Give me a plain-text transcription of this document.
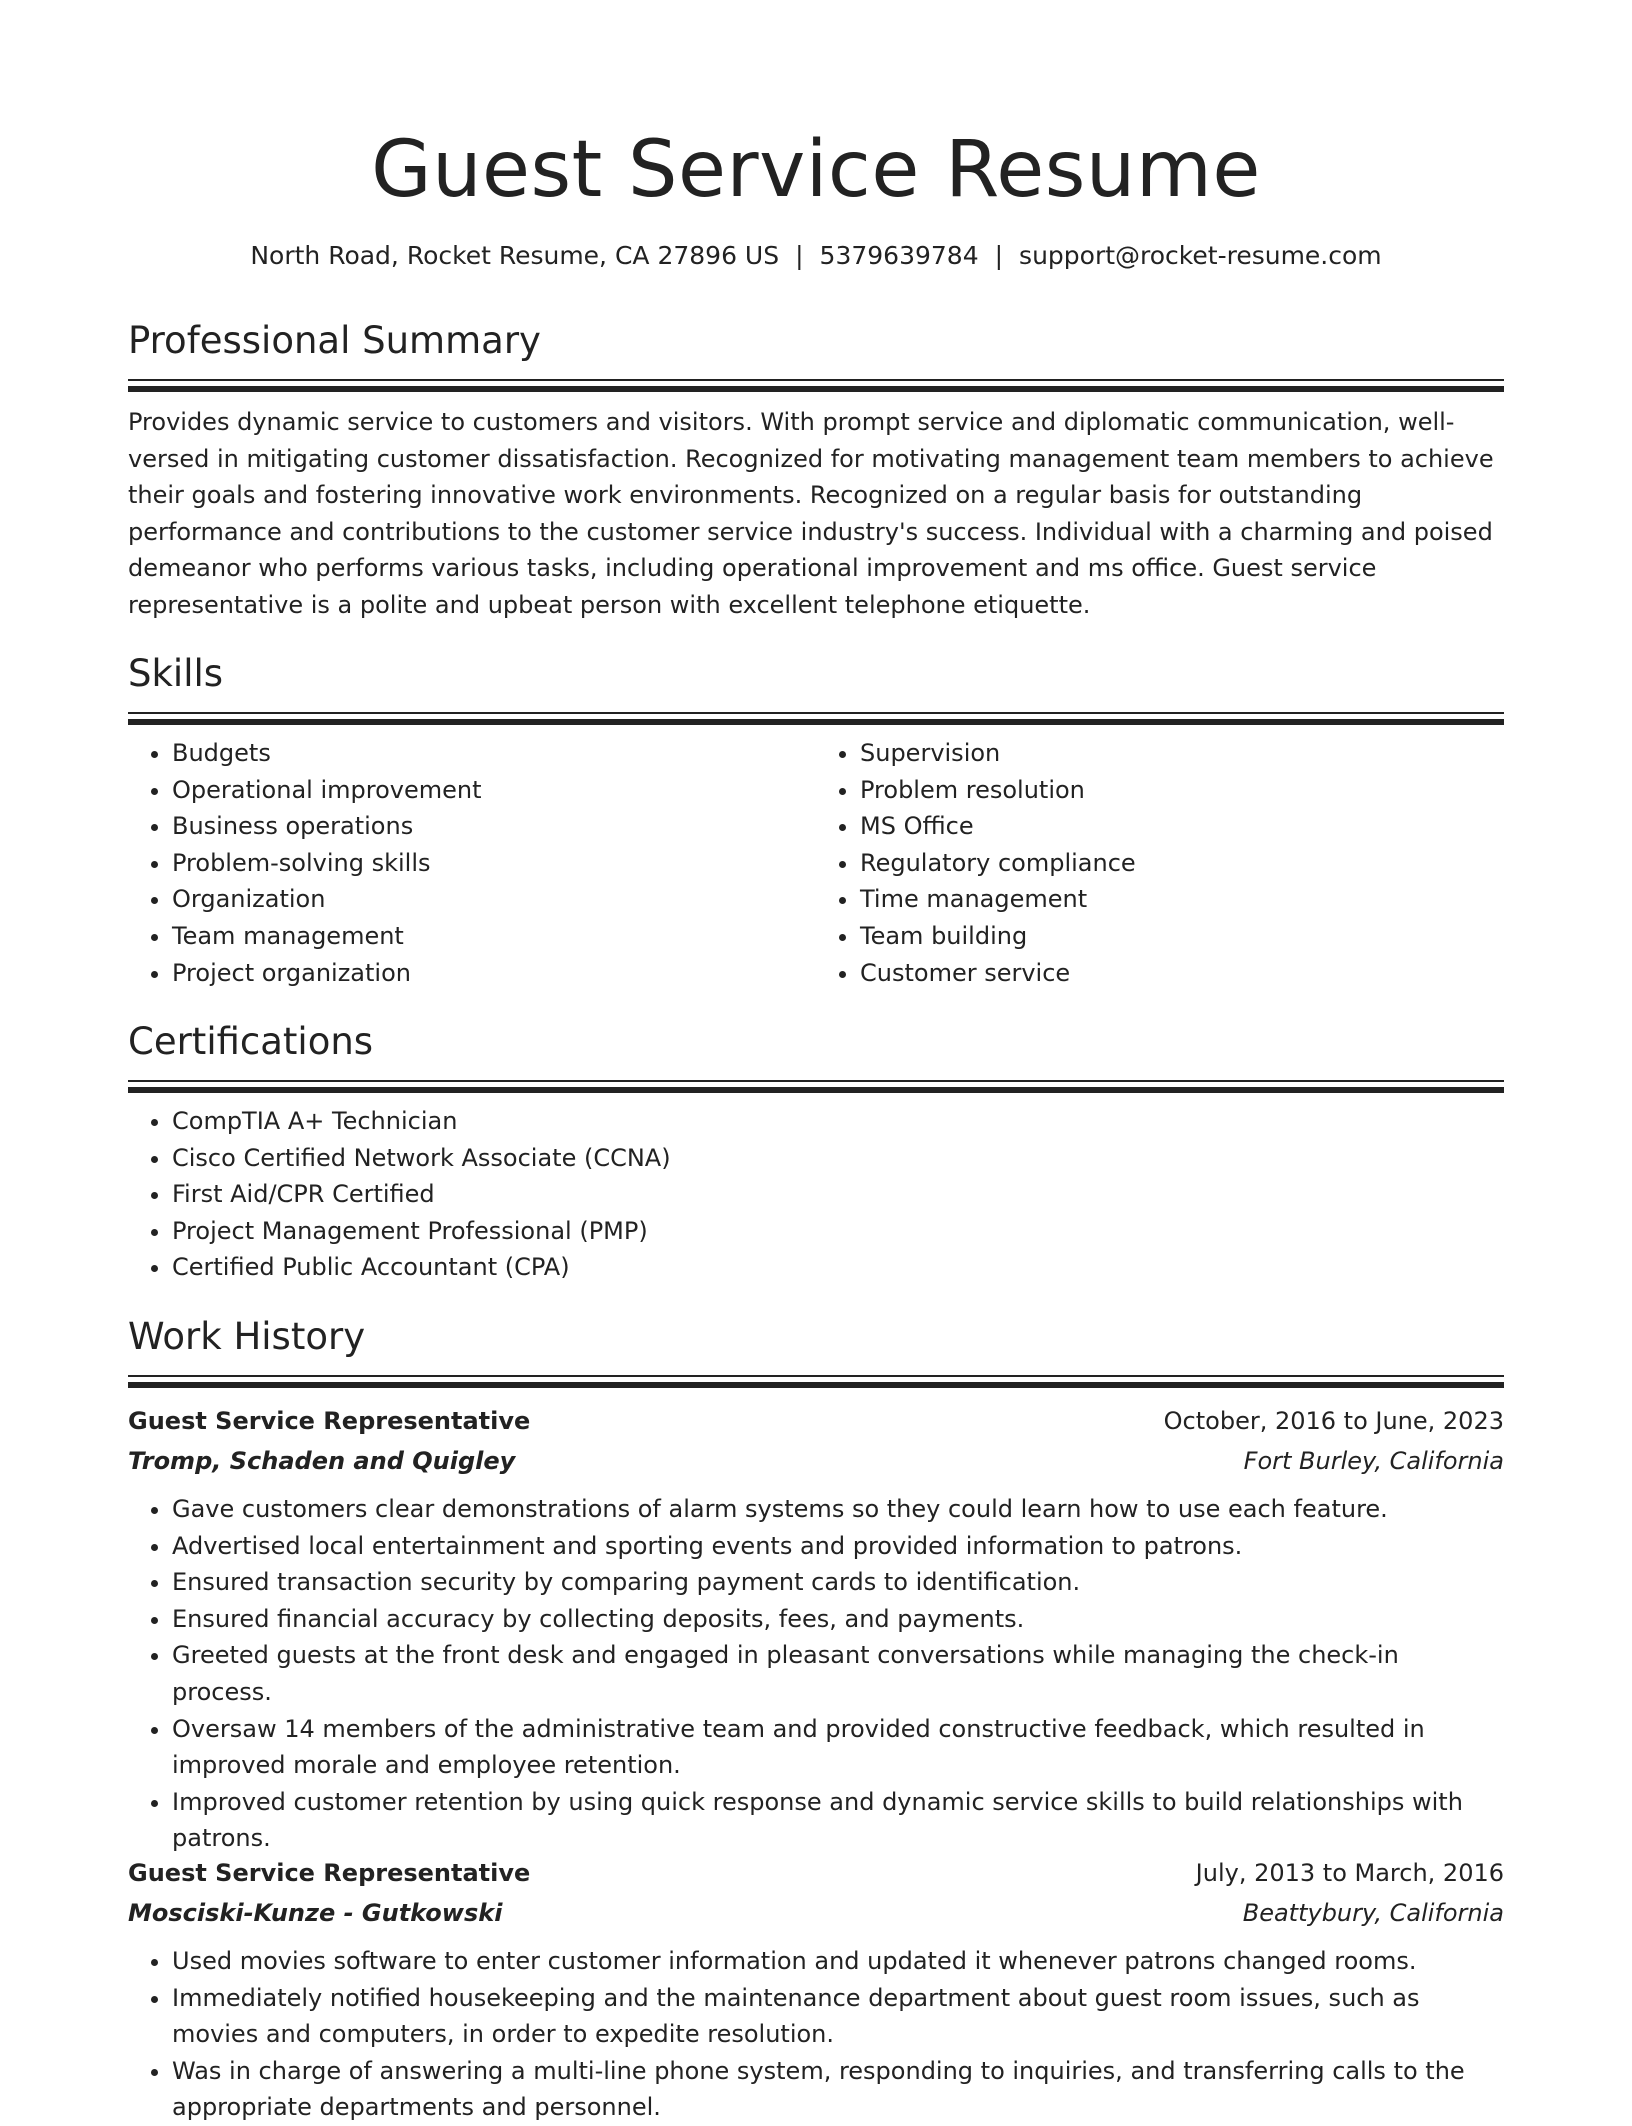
Guest Service Resume
North Road, Rocket Resume, CA 27896 US | 5379639784 | support@rocket-resume.com
Professional Summary
Provides dynamic service to customers and visitors. With prompt service and diplomatic communication, well-versed in mitigating customer dissatisfaction. Recognized for motivating management team members to achieve their goals and fostering innovative work environments. Recognized on a regular basis for outstanding performance and contributions to the customer service industry's success. Individual with a charming and poised demeanor who performs various tasks, including operational improvement and ms office. Guest service representative is a polite and upbeat person with excellent telephone etiquette.
Skills
• Budgets
• Operational improvement
• Business operations
• Problem-solving skills
• Organization
• Team management
• Project organization
• Supervision
• Problem resolution
• MS Office
• Regulatory compliance
• Time management
• Team building
• Customer service
Certifications
• CompTIA A+ Technician
• Cisco Certified Network Associate (CCNA)
• First Aid/CPR Certified
• Project Management Professional (PMP)
• Certified Public Accountant (CPA)
Work History
Guest Service Representative	October, 2016 to June, 2023
Tromp, Schaden and Quigley	Fort Burley, California
• Gave customers clear demonstrations of alarm systems so they could learn how to use each feature.
• Advertised local entertainment and sporting events and provided information to patrons.
• Ensured transaction security by comparing payment cards to identification.
• Ensured financial accuracy by collecting deposits, fees, and payments.
• Greeted guests at the front desk and engaged in pleasant conversations while managing the check-in process.
• Oversaw 14 members of the administrative team and provided constructive feedback, which resulted in improved morale and employee retention.
• Improved customer retention by using quick response and dynamic service skills to build relationships with patrons.
Guest Service Representative	July, 2013 to March, 2016
Mosciski-Kunze - Gutkowski	Beattybury, California
• Used movies software to enter customer information and updated it whenever patrons changed rooms.
• Immediately notified housekeeping and the maintenance department about guest room issues, such as movies and computers, in order to expedite resolution.
• Was in charge of answering a multi-line phone system, responding to inquiries, and transferring calls to the appropriate departments and personnel.
